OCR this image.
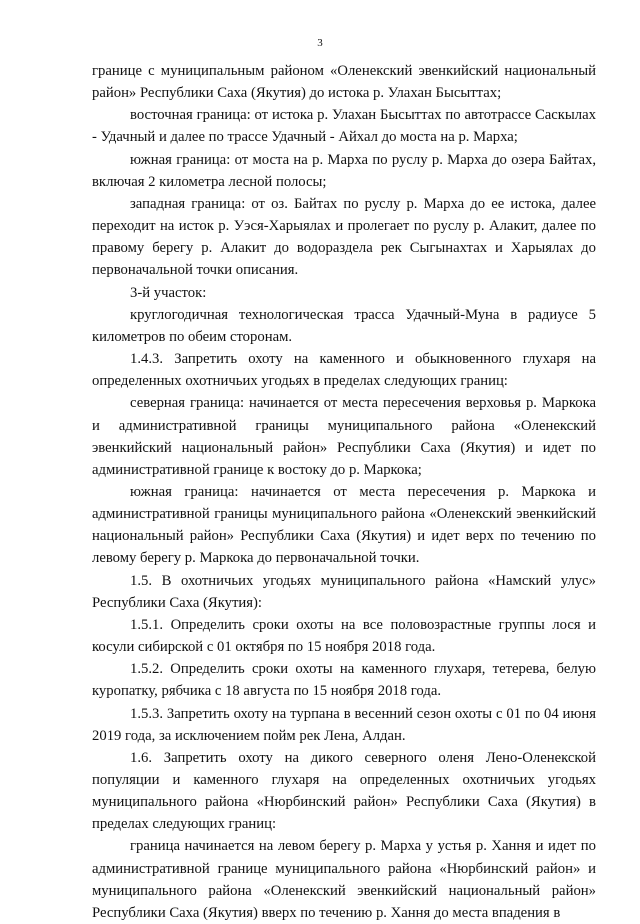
3

границе с муниципальным районом «Оленекский эвенкийский национальный район» Республики Саха (Якутия) до истока р. Улахан Бысыттах;

восточная граница: от истока р. Улахан Бысыттах по автотрассе Саскылах - Удачный и далее по трассе Удачный - Айхал до моста на р. Марха;

южная граница: от моста на р. Марха по руслу р. Марха до озера Байтах, включая 2 километра лесной полосы;

западная граница: от оз. Байтах по руслу р. Марха до ее истока, далее переходит на исток р. Уэся-Харыялах и пролегает по руслу р. Алакит, далее по правому берегу р. Алакит до водораздела рек Сыгынахтах и Харыялах до первоначальной точки описания.

3-й участок:

круглогодичная технологическая трасса Удачный-Муна в радиусе 5 километров по обеим сторонам.

1.4.3. Запретить охоту на каменного и обыкновенного глухаря на определенных охотничьих угодьях в пределах следующих границ:

северная граница: начинается от места пересечения верховья р. Маркока и административной границы муниципального района «Оленекский эвенкийский национальный район» Республики Саха (Якутия) и идет по административной границе к востоку до р. Маркока;

южная граница: начинается от места пересечения р. Маркока и административной границы муниципального района «Оленекский эвенкийский национальный район» Республики Саха (Якутия) и идет верх по течению по левому берегу р. Маркока до первоначальной точки.

1.5. В охотничьих угодьях муниципального района «Намский улус» Республики Саха (Якутия):

1.5.1. Определить сроки охоты на все половозрастные группы лося и косули сибирской с 01 октября по 15 ноября 2018 года.

1.5.2. Определить сроки охоты на каменного глухаря, тетерева, белую куропатку, рябчика с 18 августа по 15 ноября 2018 года.

1.5.3. Запретить охоту на турпана в весенний сезон охоты с 01 по 04 июня 2019 года, за исключением пойм рек Лена, Алдан.

1.6. Запретить охоту на дикого северного оленя Лено-Оленекской популяции и каменного глухаря на определенных охотничьих угодьях муниципального района «Нюрбинский район» Республики Саха (Якутия) в пределах следующих границ:

граница начинается на левом берегу р. Марха у устья р. Хання и идет по административной границе муниципального района «Нюрбинский район» и муниципального района «Оленекский эвенкийский национальный район» Республики Саха (Якутия) вверх по течению р. Хання до места впадения в
